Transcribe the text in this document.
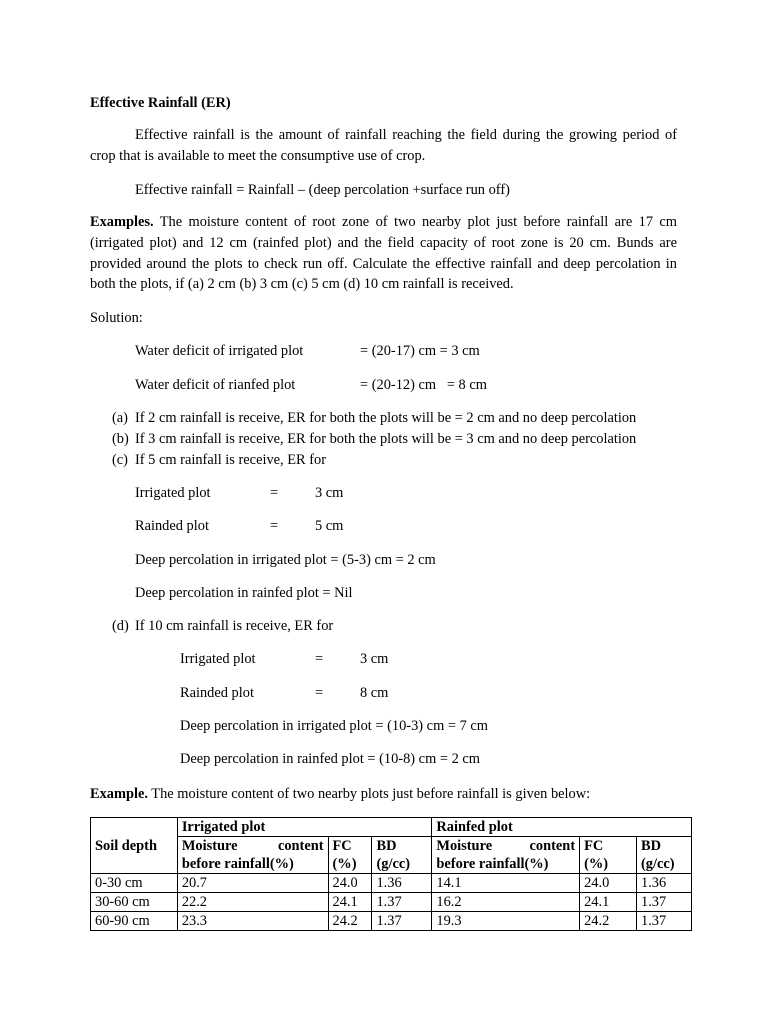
Effective Rainfall (ER)
Effective rainfall is the amount of rainfall reaching the field during the growing period of crop that is available to meet the consumptive use of crop.
Effective rainfall = Rainfall – (deep percolation +surface run off)
Examples. The moisture content of root zone of two nearby plot just before rainfall are 17 cm (irrigated plot) and 12 cm (rainfed plot) and the field capacity of root zone is 20 cm. Bunds are provided around the plots to check run off. Calculate the effective rainfall and deep percolation in both the plots, if (a) 2 cm (b) 3 cm (c) 5 cm (d) 10 cm rainfall is received.
Solution:
Water deficit of irrigated plot	= (20-17) cm = 3 cm
Water deficit of rianfed plot	= (20-12) cm   = 8 cm
(a) If 2 cm rainfall is receive, ER for both the plots will be = 2 cm and no deep percolation
(b) If 3 cm rainfall is receive, ER for both the plots will be = 3 cm and no deep percolation
(c) If 5 cm rainfall is receive, ER for
Irrigated plot	=	3 cm
Rainded plot	=	5 cm
Deep percolation in irrigated plot = (5-3) cm = 2 cm
Deep percolation in rainfed plot = Nil
(d) If 10 cm rainfall is receive, ER for
Irrigated plot	=	3 cm
Rainded plot	=	8 cm
Deep percolation in irrigated plot = (10-3) cm = 7 cm
Deep percolation in rainfed plot = (10-8) cm = 2 cm
Example. The moisture content of two nearby plots just before rainfall is given below:
Soil depth	Irrigated plot			Rainfed plot		

	Moisture content	FC	BD	Moisture content	FC	BD
	before rainfall(%)	(%)	(g/cc)	before rainfall(%)	(%)	(g/cc)
0-30 cm	20.7	24.0	1.36	14.1	24.0	1.36
30-60 cm	22.2	24.1	1.37	16.2	24.1	1.37
60-90 cm	23.3	24.2	1.37	19.3	24.2	1.37
